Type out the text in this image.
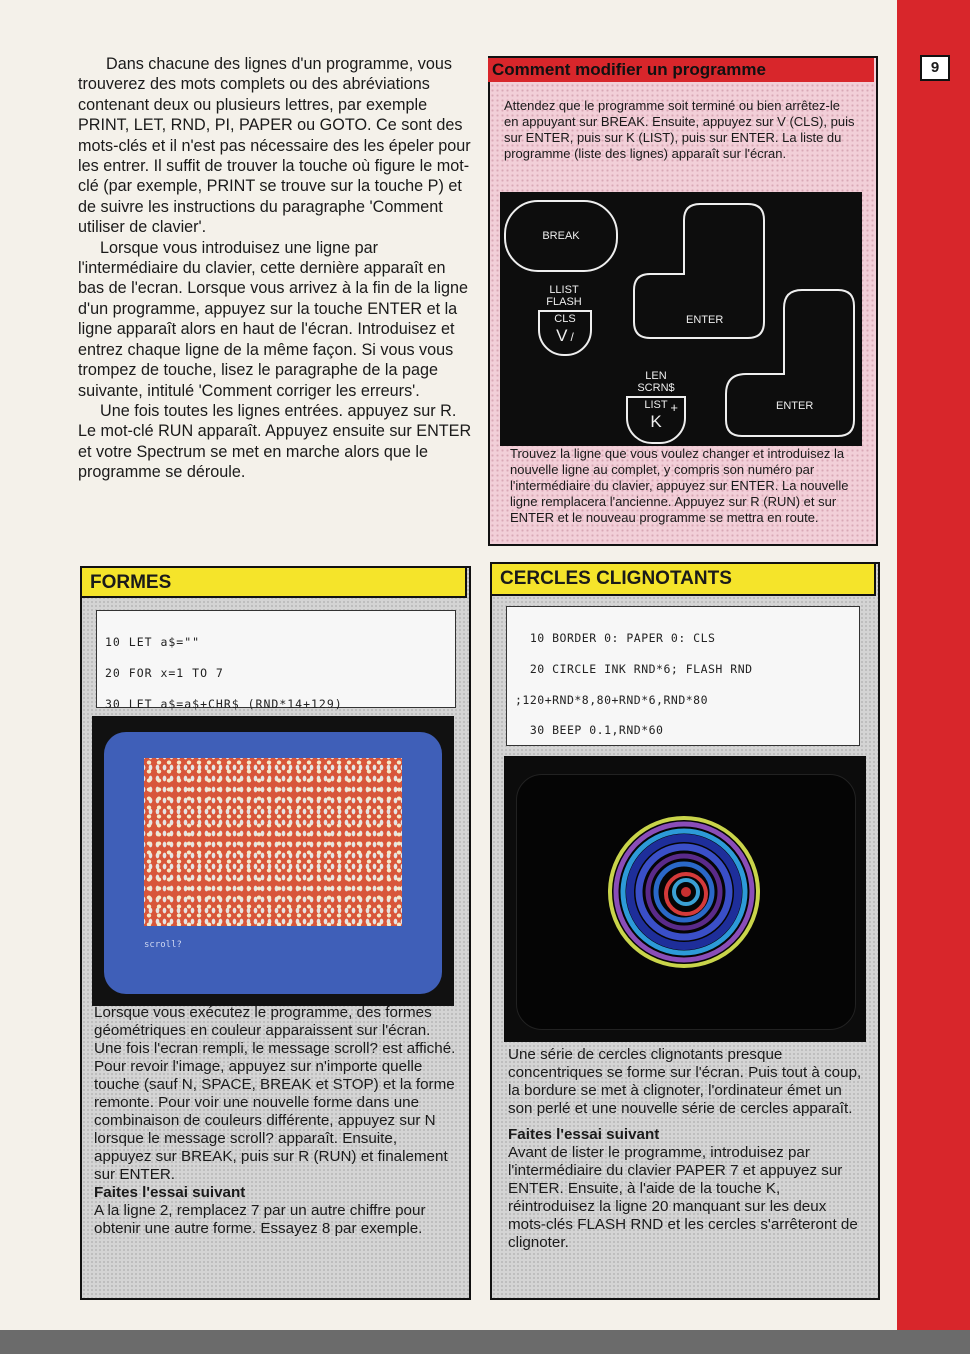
9

Dans chacune des lignes d'un programme, vous trouverez des mots complets ou des abréviations contenant deux ou plusieurs lettres, par exemple PRINT, LET, RND, PI, PAPER ou GOTO. Ce sont des mots-clés et il n'est pas nécessaire des les épeler pour les entrer. Il suffit de trouver la touche où figure le mot-clé (par exemple, PRINT se trouve sur la touche P) et de suivre les instructions du paragraphe 'Comment utiliser de clavier'.

Lorsque vous introduisez une ligne par l'intermédiaire du clavier, cette dernière apparaît en bas de l'ecran. Lorsque vous arrivez à la fin de la ligne d'un programme, appuyez sur la touche ENTER et la ligne apparaît alors en haut de l'écran. Introduisez et entrez chaque ligne de la même façon. Si vous vous trompez de touche, lisez le paragraphe de la page suivante, intitulé 'Comment corriger les erreurs'.

Une fois toutes les lignes entrées. appuyez sur R. Le mot-clé RUN apparaît. Appuyez ensuite sur ENTER et votre Spectrum se met en marche alors que le programme se déroule.

Comment modifier un programme
Attendez que le programme soit terminé ou bien arrêtez-le en appuyant sur BREAK. Ensuite, appuyez sur V (CLS), puis sur ENTER, puis sur K (LIST), puis sur ENTER. La liste du programme (liste des lignes) apparaît sur l'écran.
BREAK
LLIST
FLASH
CLS
V /
ENTER
LEN
SCRN$
LIST
K
+	ENTER
Trouvez la ligne que vous voulez changer et introduisez la nouvelle ligne au complet, y compris son numéro par l'intermédiaire du clavier, appuyez sur ENTER. La nouvelle ligne remplacera l'ancienne. Appuyez sur R (RUN) et sur ENTER et le nouveau programme se mettra en route.
FORMES

10 LET a$=""

20 FOR x=1 TO 7

30 LET a$=a$+CHR$ (RND*14+129)

scroll?

Lorsque vous exécutez le programme, des formes géométriques en couleur apparaissent sur l'écran. Une fois l'ecran rempli, le message scroll? est affiché. Pour revoir l'image, appuyez sur n'importe quelle touche (sauf N, SPACE, BREAK et STOP) et la forme remonte. Pour voir une nouvelle forme dans une combinaison de couleurs différente, appuyez sur N lorsque le message scroll? apparaît. Ensuite, appuyez sur BREAK, puis sur R (RUN) et finalement sur ENTER.

Faites l'essai suivant

A la ligne 2, remplacez 7 par un autre chiffre pour obtenir une autre forme. Essayez 8 par exemple.

CERCLES CLIGNOTANTS

10 BORDER 0: PAPER 0: CLS

20 CIRCLE INK RND*6; FLASH RND

;120+RND*8,80+RND*6,RND*80

30 BEEP 0.1,RND*60

Une série de cercles clignotants presque concentriques se forme sur l'écran. Puis tout à coup, la bordure se met à clignoter, l'ordinateur émet un son perlé et une nouvelle série de cercles apparaît.

Faites l'essai suivant

Avant de lister le programme, introduisez par l'intermédiaire du clavier PAPER 7 et appuyez sur ENTER. Ensuite, à l'aide de la touche K, réintroduisez la ligne 20 manquant sur les deux mots-clés FLASH RND et les cercles s'arrêteront de clignoter.
